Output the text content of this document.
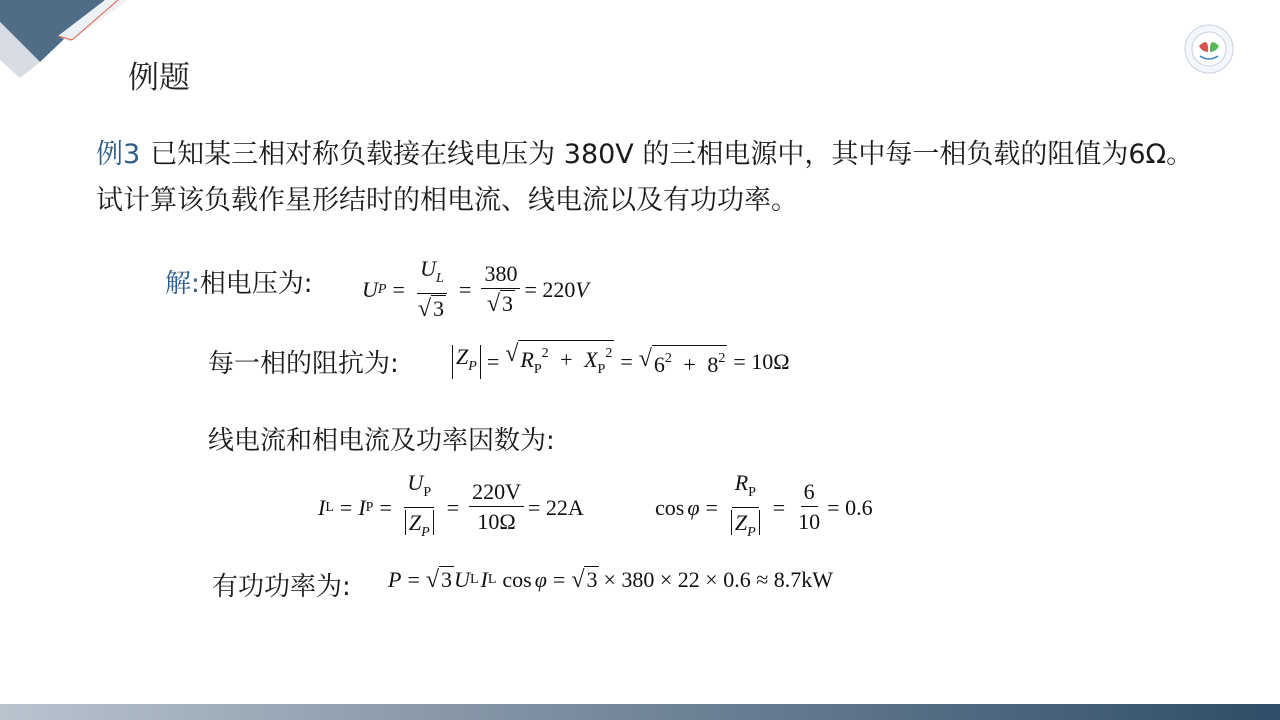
例题
例3 已知某三相对称负载接在线电压为 380V 的三相电源中，其中每一相负载的阻值为6Ω。试计算该负载作星形结时的相电流、线电流以及有功功率。
解:相电压为: U $P = \frac{U_L}{√ 3} = \frac{380}{√ 3} = 220$ V
每一相的阻抗为:	$Z_P$ = √ $R_P^2 + X_P^2$ = √ $6^2 + 8^2 = 10\Omega$
线电流和相电流及功率因数为:
I L = I $P = \frac{U_P}{Z_P} = \frac{220V}{10\Omega} = 22A$	$\cos \varphi = \frac{R_P}{Z_P} = \frac{6}{10} = 0.6$
有功功率为: P = √ 3 U L I L cos φ = √ 3 × 380 × 22 × 0.6 ≈ 8.7kW
